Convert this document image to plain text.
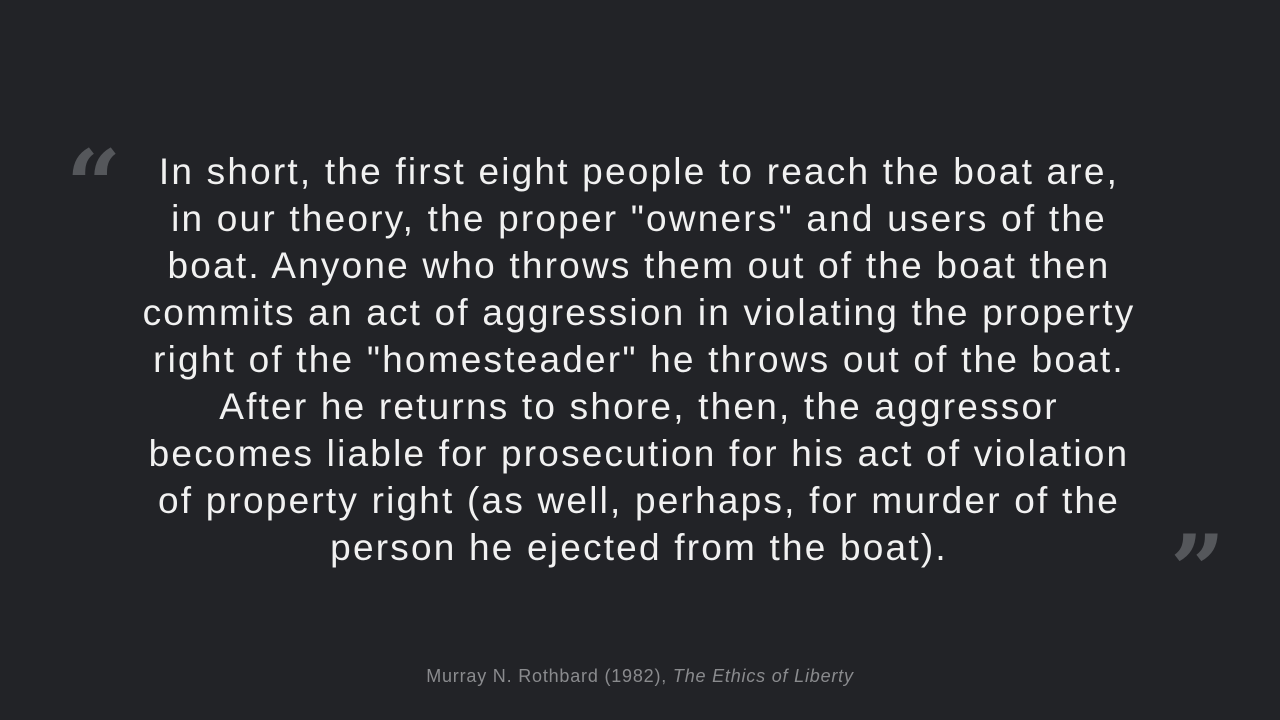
“	In short, the first eight people to reach the boat are, in our theory, the proper "owners" and users of the boat. Anyone who throws them out of the boat then commits an act of aggression in violating the property right of the "homesteader" he throws out of the boat. After he returns to shore, then, the aggressor becomes liable for prosecution for his act of violation of property right (as well, perhaps, for murder of the person he ejected from the boat).	”

Murray N. Rothbard (1982), The Ethics of Liberty
